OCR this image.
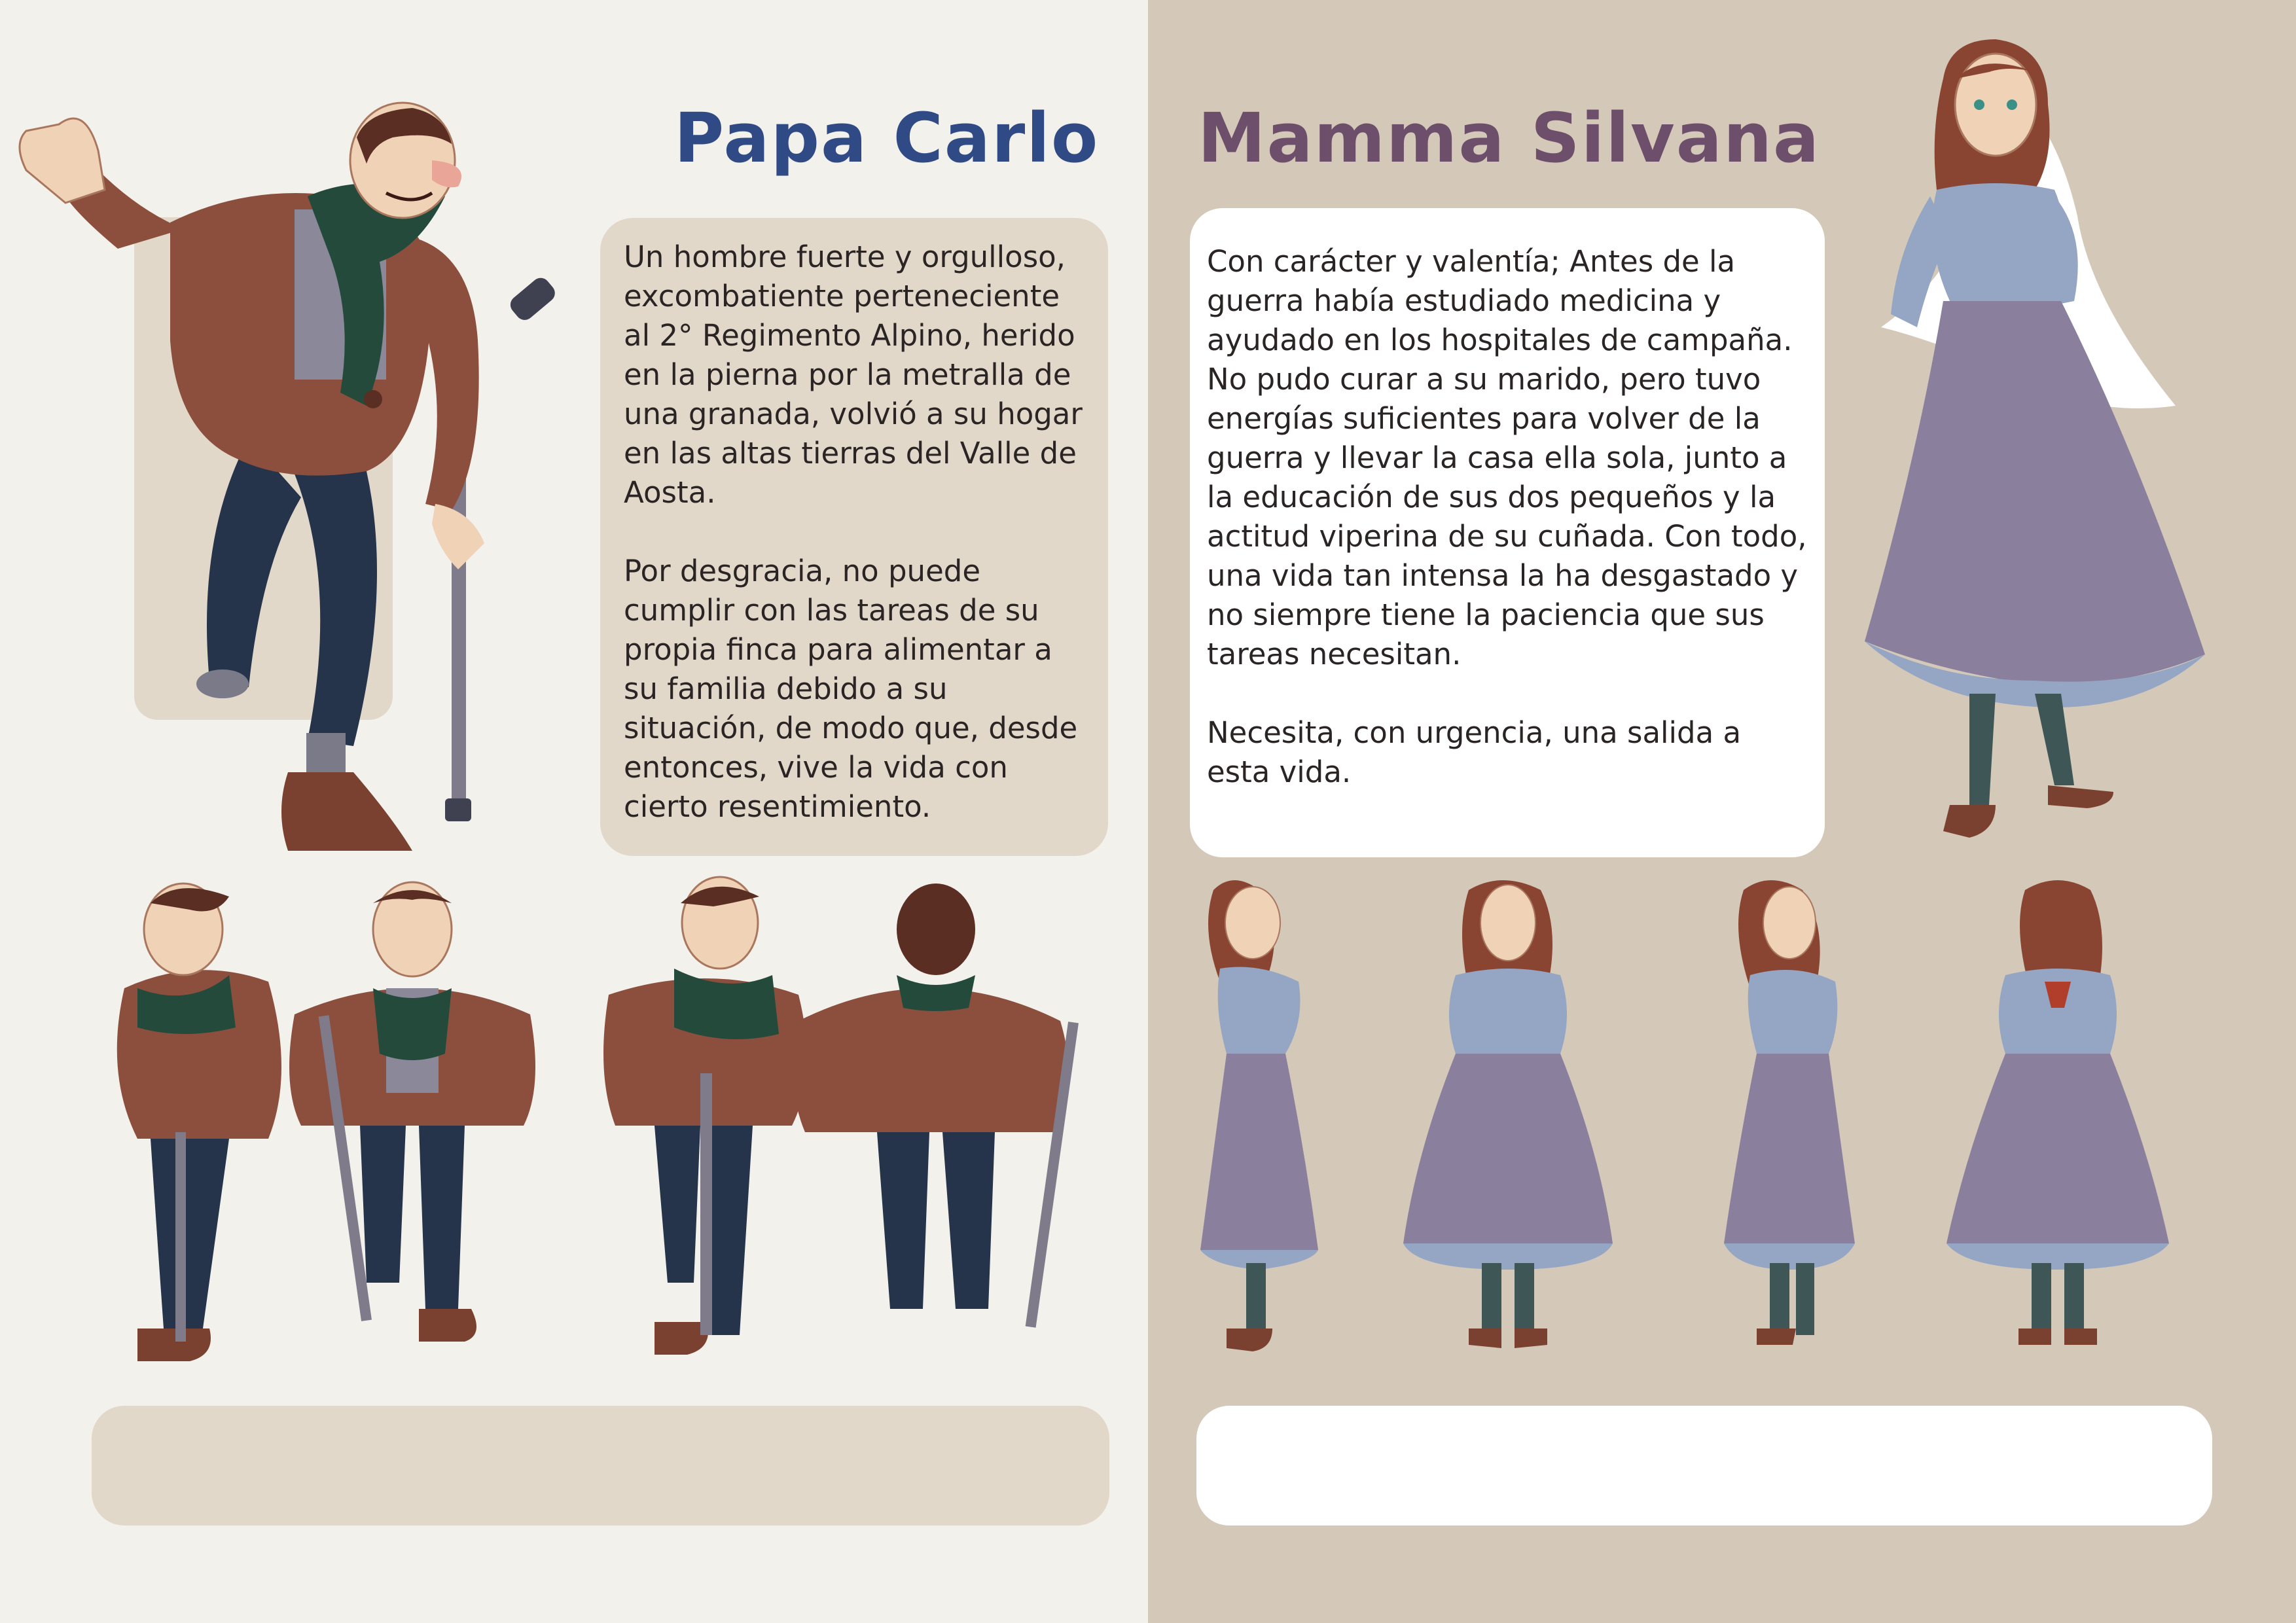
Papa Carlo

Un hombre fuerte y orgulloso, excombatiente perteneciente al 2° Regimento Alpino, herido en la pierna por la metralla de una granada, volvió a su hogar en las altas tierras del Valle de Aosta.

Por desgracia, no puede cumplir con las tareas de su propia finca para alimentar a su familia debido a su situación, de modo que, desde entonces, vive la vida con cierto resentimiento.

Mamma Silvana

Con carácter y valentía; Antes de la guerra había estudiado medicina y ayudado en los hospitales de campaña. No pudo curar a su marido, pero tuvo energías suficientes para volver de la guerra y llevar la casa ella sola, junto a la educación de sus dos pequeños y la actitud viperina de su cuñada. Con todo, una vida tan intensa la ha desgastado y no siempre tiene la paciencia que sus tareas necesitan.

Necesita, con urgencia, una salida a esta vida.
